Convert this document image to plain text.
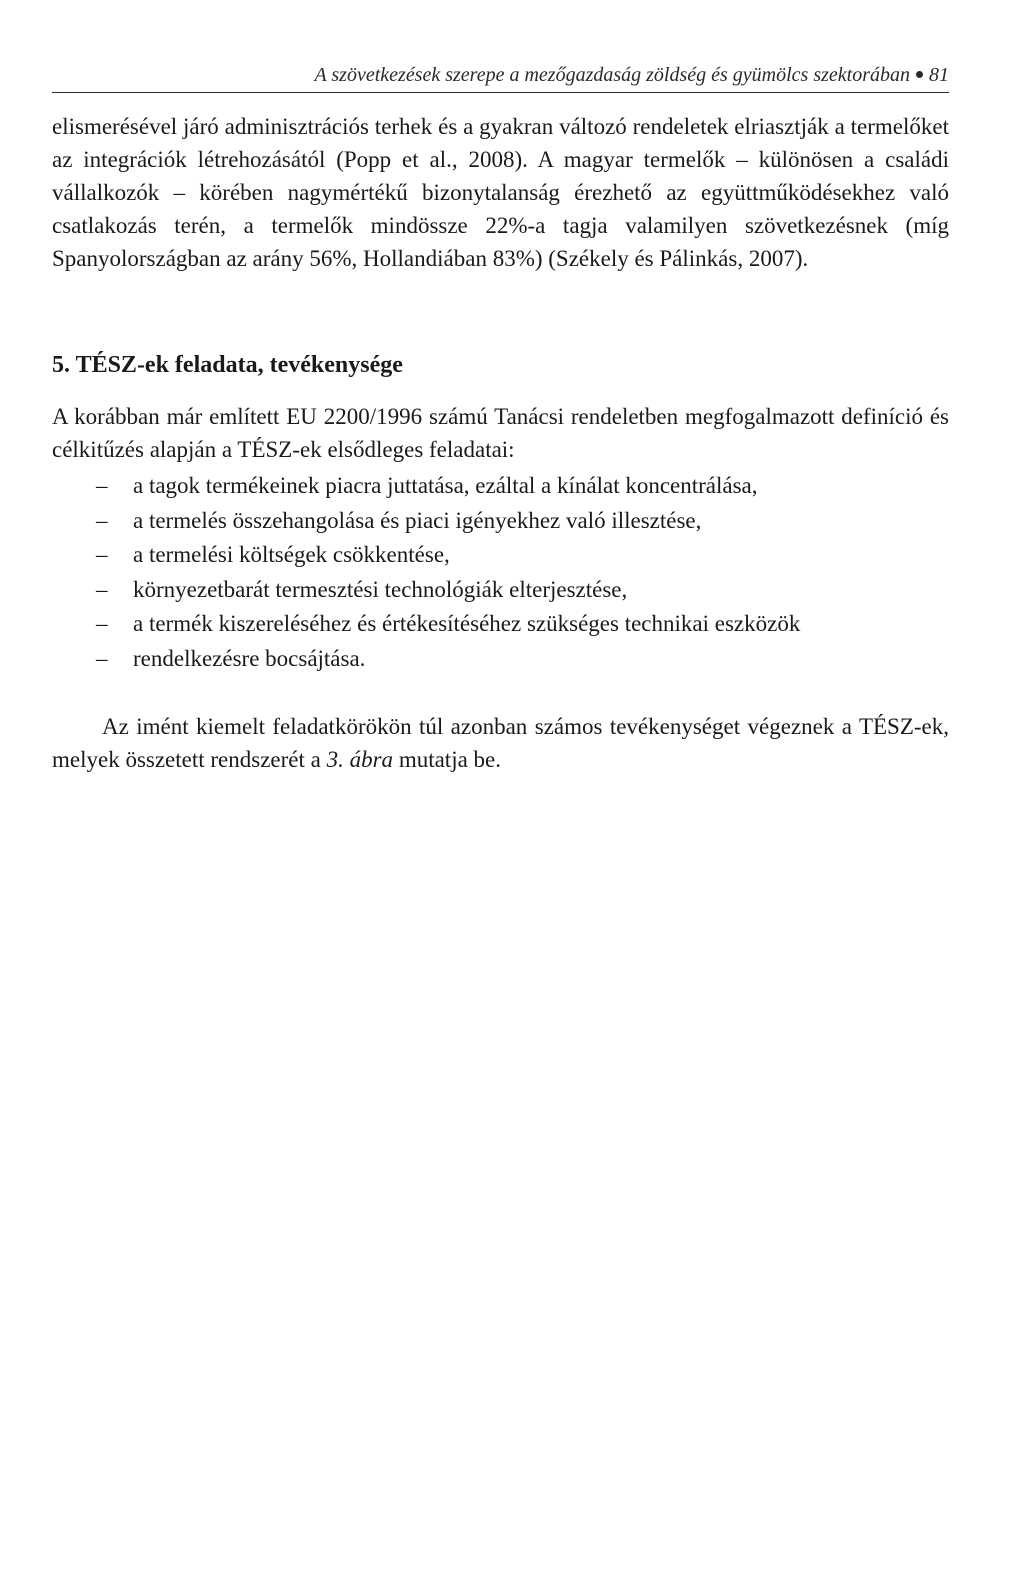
A szövetkezések szerepe a mezőgazdaság zöldség és gyümölcs szektorában 81

elismerésével járó adminisztrációs terhek és a gyakran változó rendeletek elriasztják a termelőket az integrációk létrehozásától (Popp et al., 2008). A magyar termelők – különösen a családi vállalkozók – körében nagymértékű bizonytalanság érezhető az együttműködésekhez való csatlakozás terén, a termelők mindössze 22%-a tagja valamilyen szövetkezésnek (míg Spanyolországban az arány 56%, Hollandiában 83%) (Székely és Pálinkás, 2007).

5. TÉSZ-ek feladata, tevékenysége

A korábban már említett EU 2200/1996 számú Tanácsi rendeletben megfogalmazott definíció és célkitűzés alapján a TÉSZ-ek elsődleges feladatai:

– a tagok termékeinek piacra juttatása, ezáltal a kínálat koncentrálása,
– a termelés összehangolása és piaci igényekhez való illesztése,
– a termelési költségek csökkentése,
– környezetbarát termesztési technológiák elterjesztése,
– a termék kiszereléséhez és értékesítéséhez szükséges technikai eszközök
– rendelkezésre bocsájtása.

Az imént kiemelt feladatkörökön túl azonban számos tevékenységet végeznek a TÉSZ-ek, melyek összetett rendszerét a 3. ábra mutatja be.
